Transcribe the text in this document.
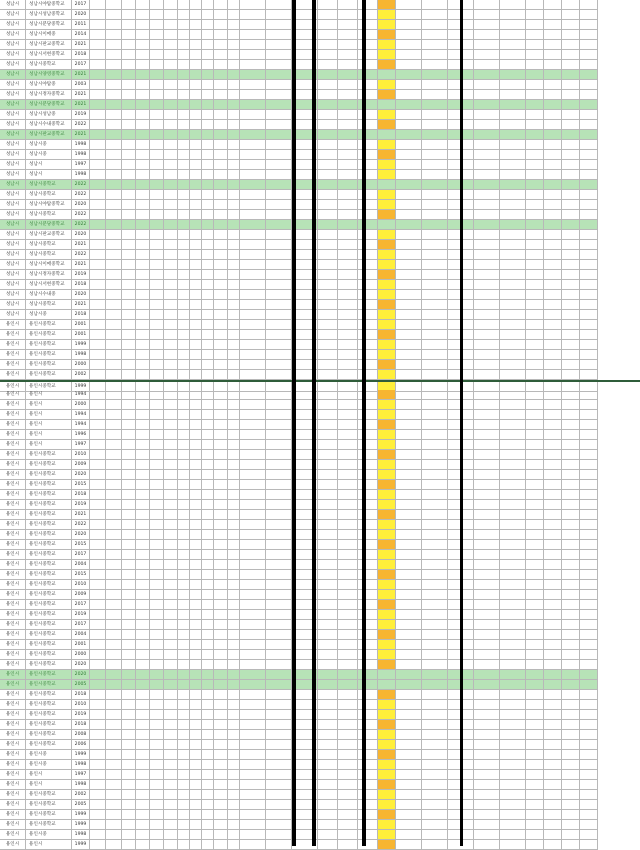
성남시	성남시야탑중학교	2017
성남시	성남시성남중학교	2020
성남시	성남시분당중학교	2011
성남시	성남시이매중	2014
성남시	성남시판교중학교	2021
성남시	성남시서현중학교	2018
성남시	성남시중학교	2017
성남시	성남시양영중학교	2021
성남시	성남시야탑중	2003
성남시	성남시정자중학교	2021
성남시	성남시분당중학교	2021
성남시	성남시성남중	2019
성남시	성남시수내중학교	2022
성남시	성남시판교중학교	2021
성남시	성남시중	1998
성남시	성남시중	1998
성남시	성남시	1997
성남시	성남시	1998
성남시	성남시중학교	2022
성남시	성남시중학교	2022
성남시	성남시야탑중학교	2020
성남시	성남시중학교	2022
성남시	성남시분당중학교	2022
성남시	성남시판교중학교	2020
성남시	성남시중학교	2021
성남시	성남시중학교	2022
성남시	성남시이매중학교	2021
성남시	성남시정자중학교	2019
성남시	성남시서현중학교	2018
성남시	성남시수내중	2020
성남시	성남시중학교	2021
성남시	성남시중	2018
용인시	용인시중학교	2001
용인시	용인시중학교	2001
용인시	용인시중학교	1999
용인시	용인시중학교	1998
용인시	용인시중학교	2000
용인시	용인시중학교	2002
용인시	용인시중학교	1999
용인시	용인시	1994
용인시	용인시	2000
용인시	용인시	1994
용인시	용인시	1994
용인시	용인시	1996
용인시	용인시	1997
용인시	용인시중학교	2010
용인시	용인시중학교	2009
용인시	용인시중학교	2020
용인시	용인시중학교	2015
용인시	용인시중학교	2018
용인시	용인시중학교	2019
용인시	용인시중학교	2021
용인시	용인시중학교	2022
용인시	용인시중학교	2020
용인시	용인시중학교	2015
용인시	용인시중학교	2017
용인시	용인시중학교	2004
용인시	용인시중학교	2015
용인시	용인시중학교	2010
용인시	용인시중학교	2009
용인시	용인시중학교	2017
용인시	용인시중학교	2019
용인시	용인시중학교	2017
용인시	용인시중학교	2004
용인시	용인시중학교	2001
용인시	용인시중학교	2000
용인시	용인시중학교	2020
용인시	용인시중학교	2020
용인시	용인시중학교	2005
용인시	용인시중학교	2018
용인시	용인시중학교	2010
용인시	용인시중학교	2019
용인시	용인시중학교	2018
용인시	용인시중학교	2008
용인시	용인시중학교	2006
용인시	용인시중	1999
용인시	용인시중	1998
용인시	용인시	1997
용인시	용인시	1998
용인시	용인시중학교	2002
용인시	용인시중학교	2005
용인시	용인시중학교	1999
용인시	용인시중학교	1999
용인시	용인시중	1998
용인시	용인시	1999
